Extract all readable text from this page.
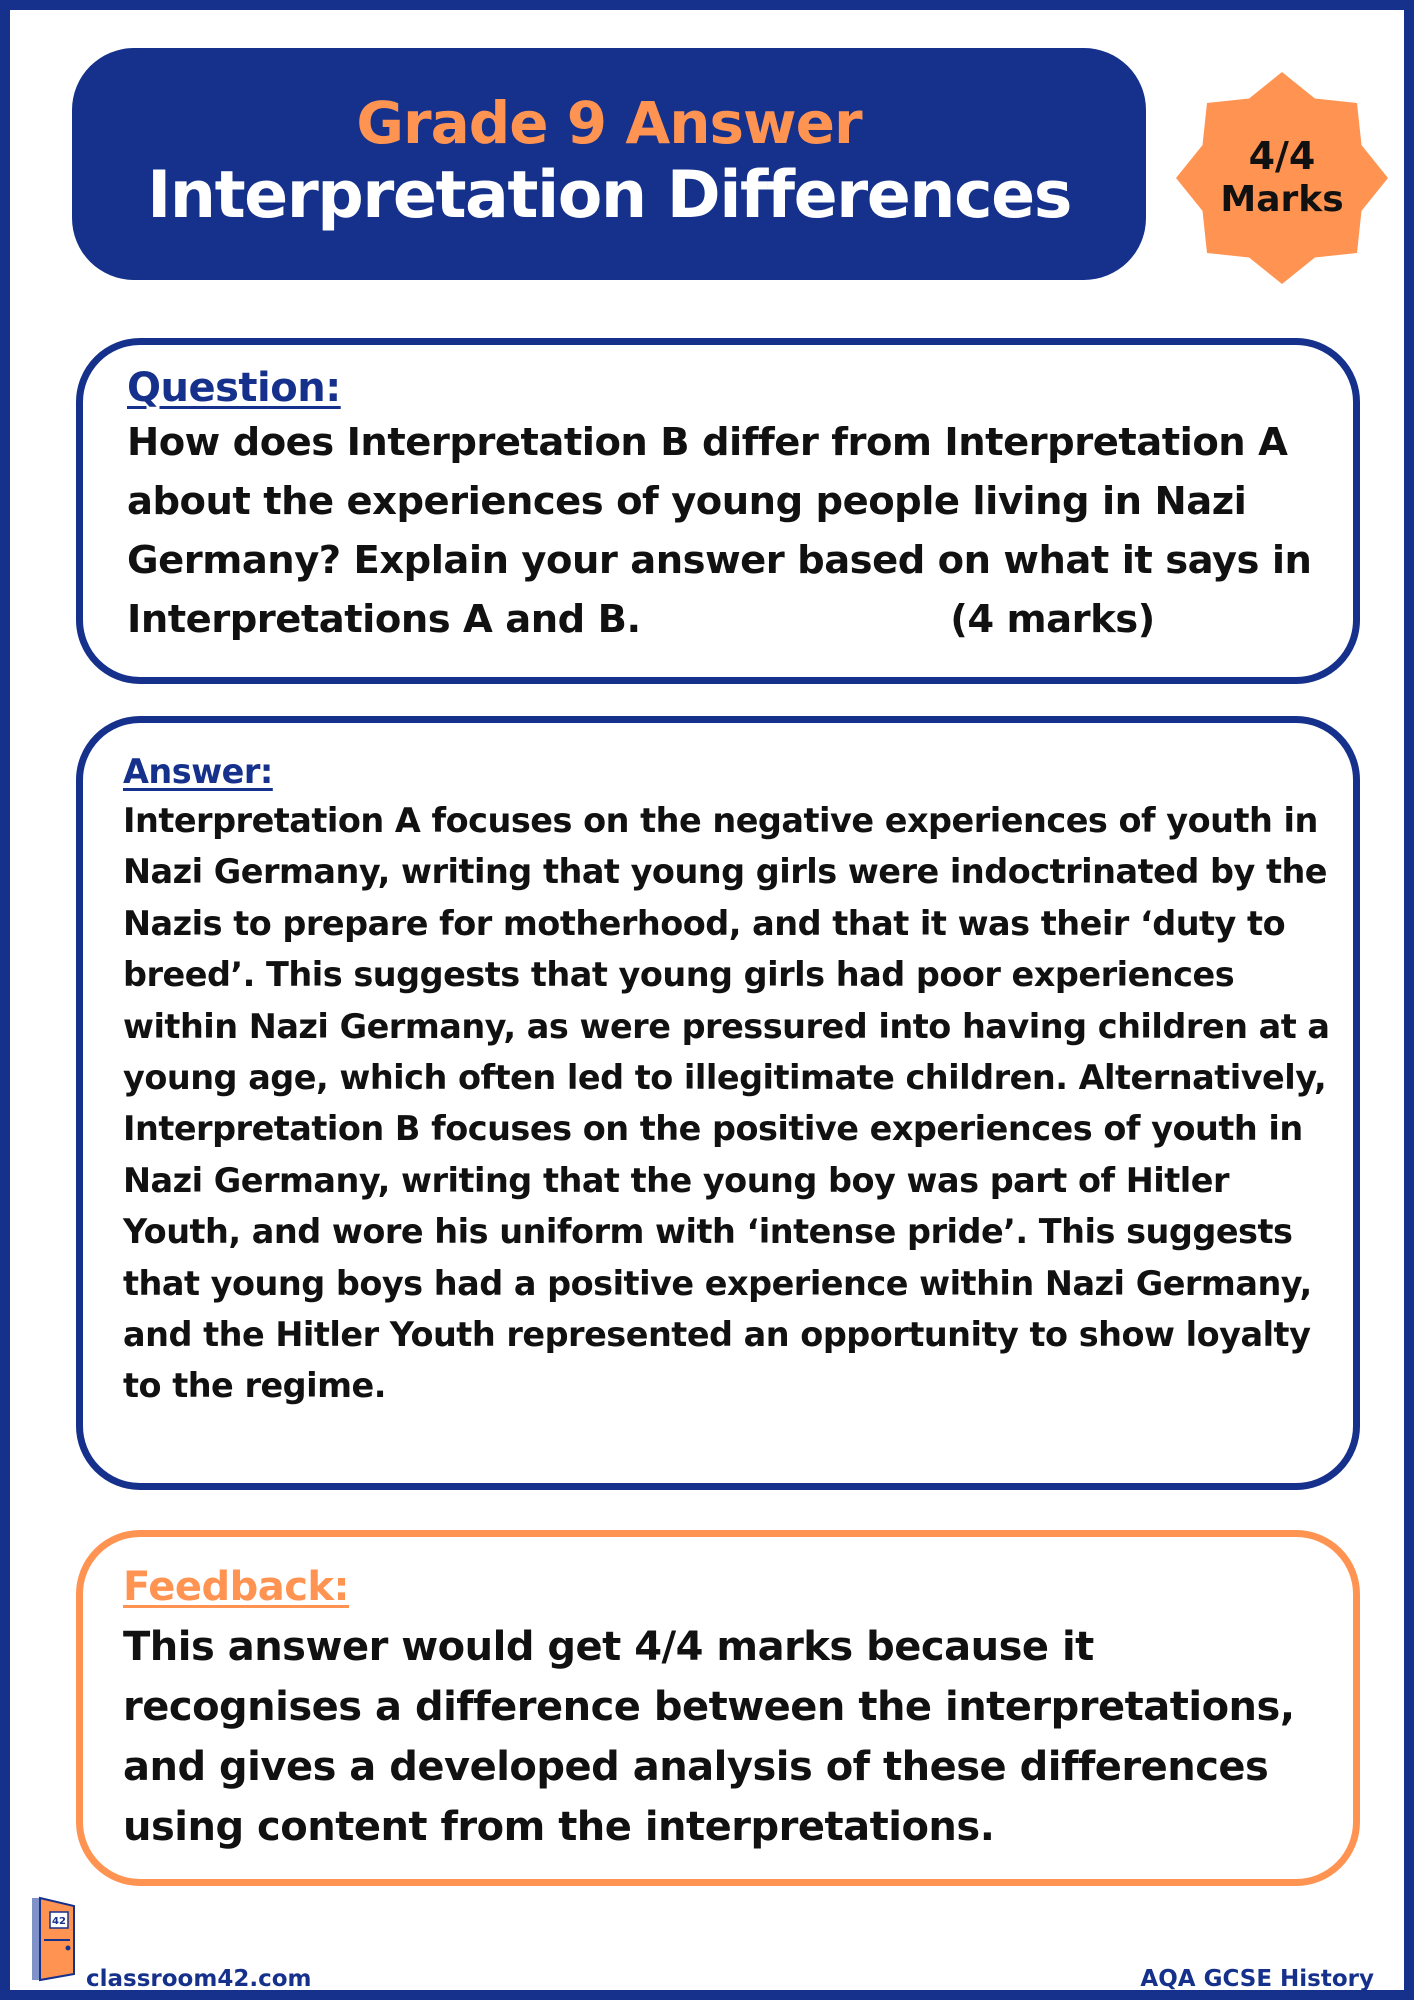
Grade 9 Answer
Interpretation Differences
4/4
Marks
Question:

How does Interpretation B differ from Interpretation A about the experiences of young people living in Nazi Germany? Explain your answer based on what it says in Interpretations A and B.                        (4 marks)

Answer:

Interpretation A focuses on the negative experiences of youth in Nazi Germany, writing that young girls were indoctrinated by the Nazis to prepare for motherhood, and that it was their ‘duty to breed’. This suggests that young girls had poor experiences within Nazi Germany, as were pressured into having children at a young age, which often led to illegitimate children. Alternatively, Interpretation B focuses on the positive experiences of youth in Nazi Germany, writing that the young boy was part of Hitler Youth, and wore his uniform with ‘intense pride’. This suggests that young boys had a positive experience within Nazi Germany, and the Hitler Youth represented an opportunity to show loyalty to the regime.

Feedback:

This answer would get 4/4 marks because it recognises a difference between the interpretations, and gives a developed analysis of these differences using content from the interpretations.

42
classroom42.com	AQA GCSE History
